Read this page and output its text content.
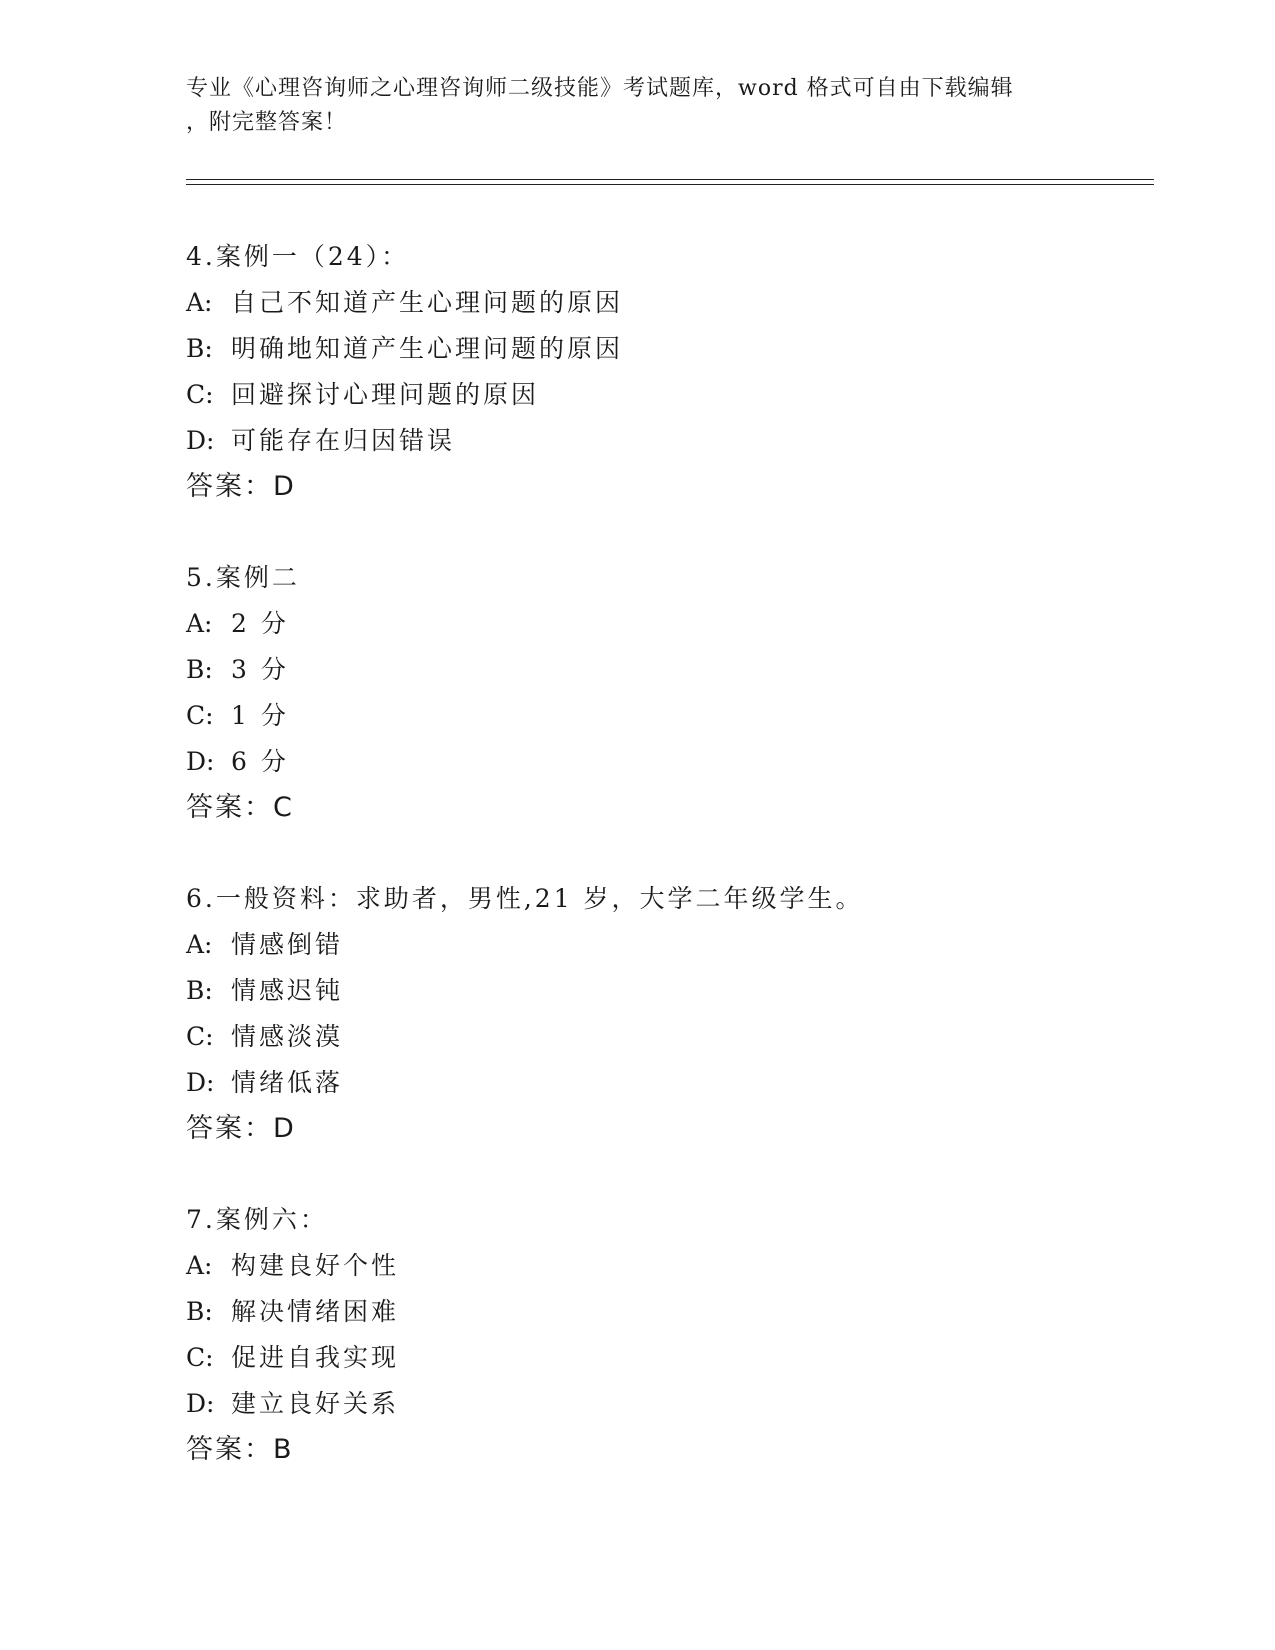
专业《心理咨询师之心理咨询师二级技能》考试题库，word 格式可自由下载编辑
，附完整答案！
4.案例一（24）：
A: 自己不知道产生心理问题的原因
B: 明确地知道产生心理问题的原因
C: 回避探讨心理问题的原因
D: 可能存在归因错误
答案：D
5.案例二
A: 2 分
B: 3 分
C: 1 分
D: 6 分
答案：C
6.一般资料：求助者，男性,21 岁，大学二年级学生。
A: 情感倒错
B: 情感迟钝
C: 情感淡漠
D: 情绪低落
答案：D
7.案例六：
A: 构建良好个性
B: 解决情绪困难
C: 促进自我实现
D: 建立良好关系
答案：B
